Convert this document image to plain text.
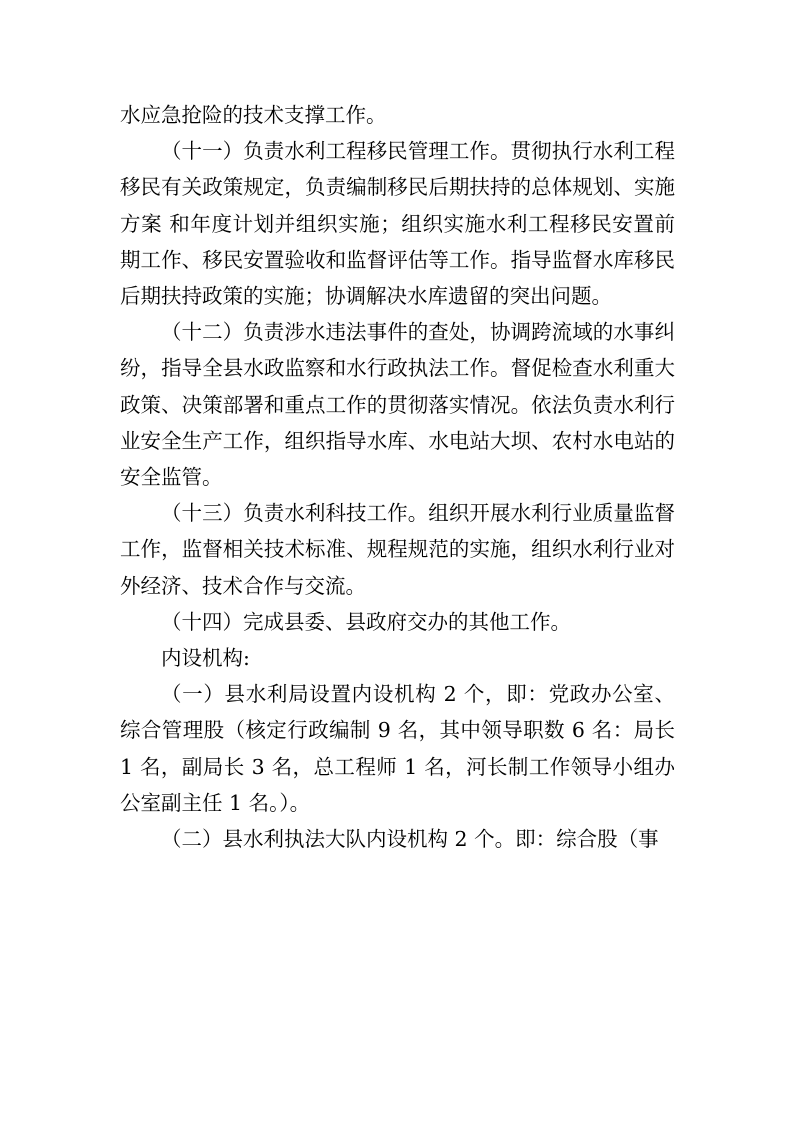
水应急抢险的技术支撑工作。

（十一）负责水利工程移民管理工作。贯彻执行水利工程移民有关政策规定，负责编制移民后期扶持的总体规划、实施方案 和年度计划并组织实施；组织实施水利工程移民安置前期工作、移民安置验收和监督评估等工作。指导监督水库移民后期扶持政策的实施；协调解决水库遗留的突出问题。

（十二）负责涉水违法事件的查处，协调跨流域的水事纠纷，指导全县水政监察和水行政执法工作。督促检查水利重大政策、决策部署和重点工作的贯彻落实情况。依法负责水利行业安全生产工作，组织指导水库、水电站大坝、农村水电站的安全监管。

（十三）负责水利科技工作。组织开展水利行业质量监督工作，监督相关技术标准、规程规范的实施，组织水利行业对外经济、技术合作与交流。

（十四）完成县委、县政府交办的其他工作。

内设机构:

（一）县水利局设置内设机构 2 个，即：党政办公室、综合管理股（核定行政编制 9 名，其中领导职数 6 名：局长 1 名，副局长 3 名，总工程师 1 名，河长制工作领导小组办公室副主任 1 名。）。

（二）县水利执法大队内设机构 2 个。即：综合股（事
